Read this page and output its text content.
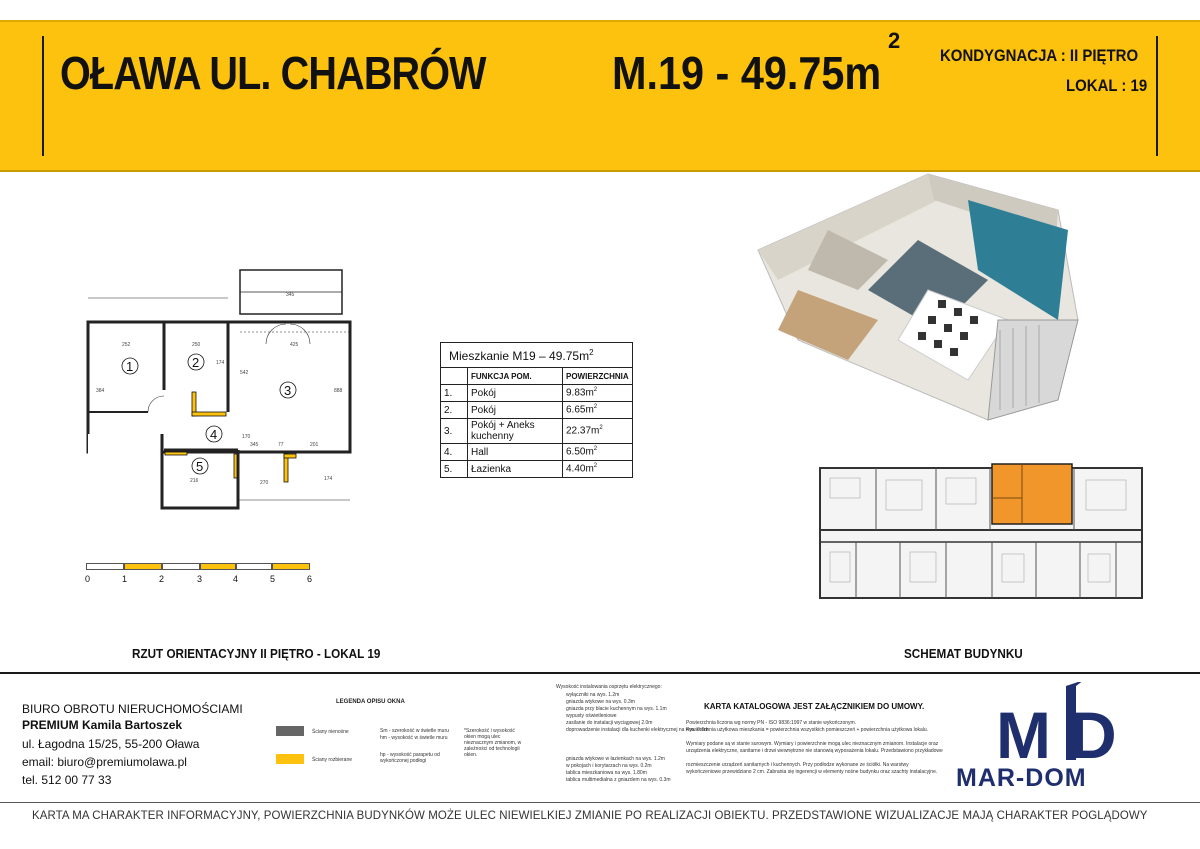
OŁAWA UL. CHABRÓW	M.19 - 49.75m
2
KONDYGNACJA : II PIĘTRO
LOKAL : 19
1	2
3
4
5
252
345
250	425
384
174
542
888
170
345	77	201
216	174
270
0	1	2	3	4	5	6
RZUT ORIENTACYJNY II PIĘTRO - LOKAL 19
Mieszkanie $M19 - 49.75m^2$
	FUNKCJA POM.	POWIERZCHNIA
1.	Pokój	$9.83m^2$
2.	Pokój	$6.65m^2$
3.	Pokój + Aneks kuchenny	$22.37m^2$
4.	Hall	$6.50m^2$
5.	Łazienka	$4.40m^2$
SCHEMAT BUDYNKU
BIURO OBROTU NIERUCHOMOŚCIAMI
PREMIUM Kamila Bartoszek
ul. Łagodna 15/25, 55-200 Oława
email: biuro@premiumolawa.pl
tel. 512 00 77 33
LEGENDA OPISU OKNA
Ściany nienośne
Ściany rozbierane
Sm - szerokość w świetle muru
hm - wysokość w świetle muru
hp - wysokość parapetu od wykończonej podłogi
*Szerokość i wysokość okien mogą ulec nieznacznym zmianom, w zależności od technologii okien.
Wysokość instalowania osprzętu elektrycznego:
wyłączniki na wys. 1.2m
gniazda wtykowe na wys. 0.3m
gniazda przy blacie kuchennym na wys. 1.1m
wypusty oświetleniowe
zasilanie do instalacji wyciągowej 2.0m
doprowadzenie instalacji dla kuchenki elektrycznej na wys. 0.6m
gniazda wtykowe w łazienkach na wys. 1.2m
w pokojach i korytarzach na wys. 0.2m
tablica mieszkaniowa na wys. 1.80m
tablica multimedialna z gniazdem na wys. 0.3m
KARTA KATALOGOWA JEST ZAŁĄCZNIKIEM DO UMOWY.
Powierzchnia liczona wg normy PN - ISO 9836:1997 w stanie wykończonym.
Powierzchnia użytkowa mieszkania = powierzchnia wszystkich pomieszczeń + powierzchnia użytkowa lokalu.
Wymiary podane są w stanie surowym. Wymiary i powierzchnie mogą ulec nieznacznym zmianom. Instalacje oraz
urządzenia elektryczne, sanitarne i drzwi wewnętrzne nie stanowią wyposażenia lokalu. Przedstawiono przykładowe
rozmieszczenie urządzeń sanitarnych i kuchennych. Przy podłodze wykonane ze ściółki. Na warstwy
wykończeniowe przewidziano 2 cm. Zabrania się ingerencji w elementy nośne budynku oraz szachty instalacyjne. MD
MAR-DOM
KARTA MA CHARAKTER INFORMACYJNY, POWIERZCHNIA BUDYNKÓW MOŻE ULEC NIEWIELKIEJ ZMIANIE PO REALIZACJI OBIEKTU. PRZEDSTAWIONE WIZUALIZACJE MAJĄ CHARAKTER POGLĄDOWY
